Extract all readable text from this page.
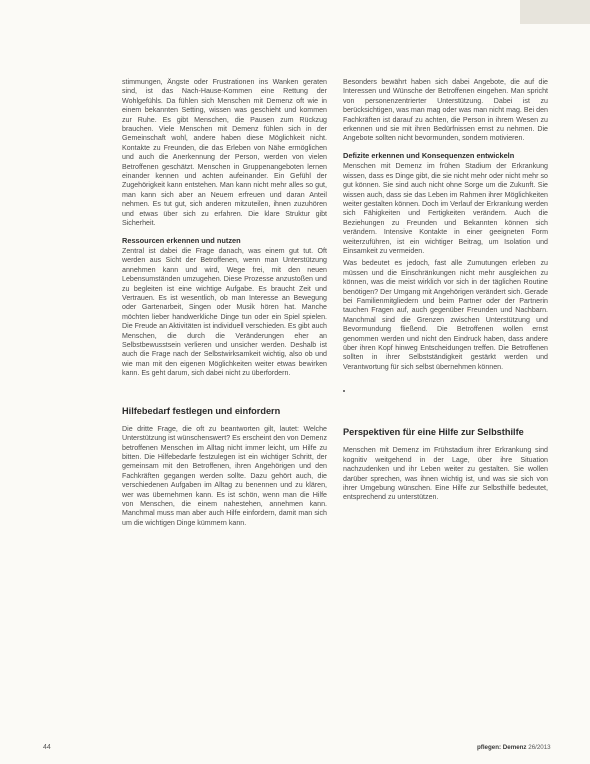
stimmungen, Ängste oder Frustrationen ins Wanken geraten sind, ist das Nach-Hause-Kommen eine Rettung der Wohlgefühls. Da fühlen sich Menschen mit Demenz oft wie in einem bekannten Setting, wissen was geschieht und kommen zur Ruhe. Es gibt Menschen, die Pausen zum Rückzug brauchen. Viele Menschen mit Demenz fühlen sich in der Gemeinschaft wohl, andere haben diese Möglichkeit nicht. Kontakte zu Freunden, die das Erleben von Nähe ermöglichen und auch die Anerkennung der Person, werden von vielen Betroffenen geschätzt. Menschen in Gruppenangeboten lernen einander kennen und achten aufeinander. Ein Gefühl der Zugehörigkeit kann entstehen. Man kann nicht mehr alles so gut, man kann sich aber an Neuem erfreuen und daran Anteil nehmen. Es tut gut, sich anderen mitzuteilen, ihnen zuzuhören und etwas über sich zu erfahren. Die klare Struktur gibt Sicherheit.

Ressourcen erkennen und nutzen

Zentral ist dabei die Frage danach, was einem gut tut. Oft werden aus Sicht der Betroffenen, wenn man Unterstützung annehmen kann und wird, Wege frei, mit den neuen Lebensumständen umzugehen. Diese Prozesse anzustoßen und zu begleiten ist eine wichtige Aufgabe. Es braucht Zeit und Vertrauen. Es ist wesentlich, ob man Interesse an Bewegung oder Gartenarbeit, Singen oder Musik hören hat. Manche möchten lieber handwerkliche Dinge tun oder ein Spiel spielen. Die Freude an Aktivitäten ist individuell verschieden. Es gibt auch Menschen, die durch die Veränderungen eher an Selbstbewusstsein verlieren und unsicher werden. Deshalb ist auch die Frage nach der Selbstwirksamkeit wichtig, also ob und wie man mit den eigenen Möglichkeiten weiter etwas bewirken kann. Es geht darum, sich dabei nicht zu überfordern.

Hilfebedarf festlegen und einfordern

Die dritte Frage, die oft zu beantworten gilt, lautet: Welche Unterstützung ist wünschenswert? Es erscheint den von Demenz betroffenen Menschen im Alltag nicht immer leicht, um Hilfe zu bitten. Die Hilfebedarfe festzulegen ist ein wichtiger Schritt, der gemeinsam mit den Betroffenen, ihren Angehörigen und den Fachkräften gegangen werden sollte. Dazu gehört auch, die verschiedenen Aufgaben im Alltag zu benennen und zu klären, wer was übernehmen kann. Es ist schön, wenn man die Hilfe von Menschen, die einem nahestehen, annehmen kann. Manchmal muss man aber auch Hilfe einfordern, damit man sich um die wichtigen Dinge kümmern kann.

Besonders bewährt haben sich dabei Angebote, die auf die Interessen und Wünsche der Betroffenen eingehen. Man spricht von personenzentrierter Unterstützung. Dabei ist zu berücksichtigen, was man mag oder was man nicht mag. Bei den Fachkräften ist darauf zu achten, die Person in ihrem Wesen zu erkennen und sie mit ihren Bedürfnissen ernst zu nehmen. Die Angebote sollten nicht bevormunden, sondern motivieren.

Defizite erkennen und Konsequenzen entwickeln

Menschen mit Demenz im frühen Stadium der Erkrankung wissen, dass es Dinge gibt, die sie nicht mehr oder nicht mehr so gut können. Sie sind auch nicht ohne Sorge um die Zukunft. Sie wissen auch, dass sie das Leben im Rahmen ihrer Möglichkeiten weiter gestalten können. Doch im Verlauf der Erkrankung werden sich Fähigkeiten und Fertigkeiten verändern. Auch die Beziehungen zu Freunden und Bekannten können sich verändern. Intensive Kontakte in einer geeigneten Form weiterzuführen, ist ein wichtiger Beitrag, um Isolation und Einsamkeit zu vermeiden.

Was bedeutet es jedoch, fast alle Zumutungen erleben zu müssen und die Einschränkungen nicht mehr ausgleichen zu können, was die meist wirklich vor sich in der täglichen Routine benötigen? Der Umgang mit Angehörigen verändert sich. Gerade bei Familienmitgliedern und beim Partner oder der Partnerin tauchen Fragen auf, auch gegenüber Freunden und Nachbarn. Manchmal sind die Grenzen zwischen Unterstützung und Bevormundung fließend. Die Betroffenen wollen ernst genommen werden und nicht den Eindruck haben, dass andere über ihren Kopf hinweg Entscheidungen treffen. Die Betroffenen sollten in ihrer Selbstständigkeit gestärkt werden und Verantwortung für sich selbst übernehmen können.

Perspektiven für eine Hilfe zur Selbsthilfe

Menschen mit Demenz im Frühstadium ihrer Erkrankung sind kognitiv weitgehend in der Lage, über ihre Situation nachzudenken und ihr Leben weiter zu gestalten. Sie wollen darüber sprechen, was ihnen wichtig ist, und was sie sich von ihrer Umgebung wünschen. Eine Hilfe zur Selbsthilfe bedeutet, entsprechend zu unterstützen.

44	pflegen: Demenz 26/2013
